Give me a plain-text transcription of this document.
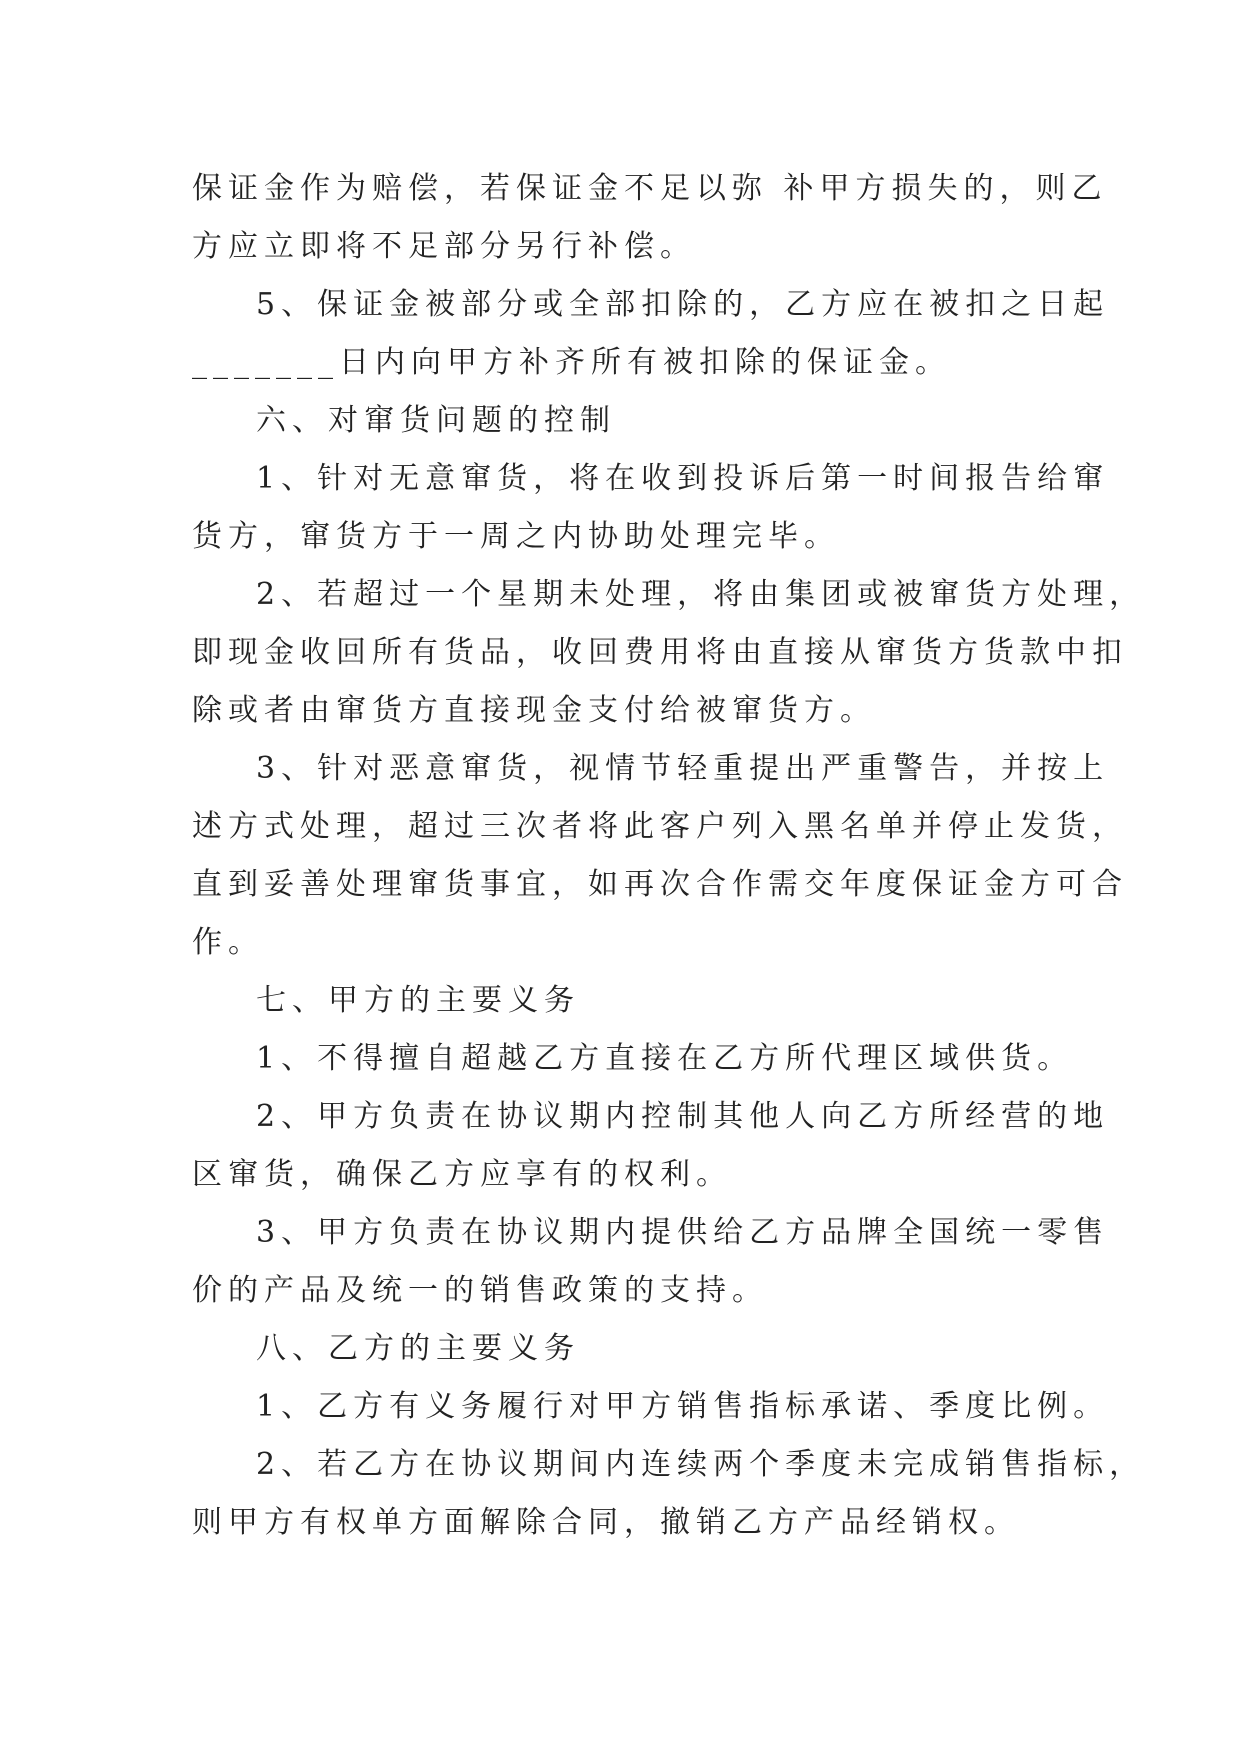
保证金作为赔偿，若保证金不足以弥 补甲方损失的，则乙
方应立即将不足部分另行补偿。
5、保证金被部分或全部扣除的，乙方应在被扣之日起
_______日内向甲方补齐所有被扣除的保证金。
六、对窜货问题的控制
1、针对无意窜货，将在收到投诉后第一时间报告给窜
货方，窜货方于一周之内协助处理完毕。
2、若超过一个星期未处理，将由集团或被窜货方处理，
即现金收回所有货品，收回费用将由直接从窜货方货款中扣
除或者由窜货方直接现金支付给被窜货方。
3、针对恶意窜货，视情节轻重提出严重警告，并按上
述方式处理，超过三次者将此客户列入黑名单并停止发货，
直到妥善处理窜货事宜，如再次合作需交年度保证金方可合
作。
七、甲方的主要义务
1、不得擅自超越乙方直接在乙方所代理区域供货。
2、甲方负责在协议期内控制其他人向乙方所经营的地
区窜货，确保乙方应享有的权利。
3、甲方负责在协议期内提供给乙方品牌全国统一零售
价的产品及统一的销售政策的支持。
八、乙方的主要义务
1、乙方有义务履行对甲方销售指标承诺、季度比例。
2、若乙方在协议期间内连续两个季度未完成销售指标，
则甲方有权单方面解除合同，撤销乙方产品经销权。
